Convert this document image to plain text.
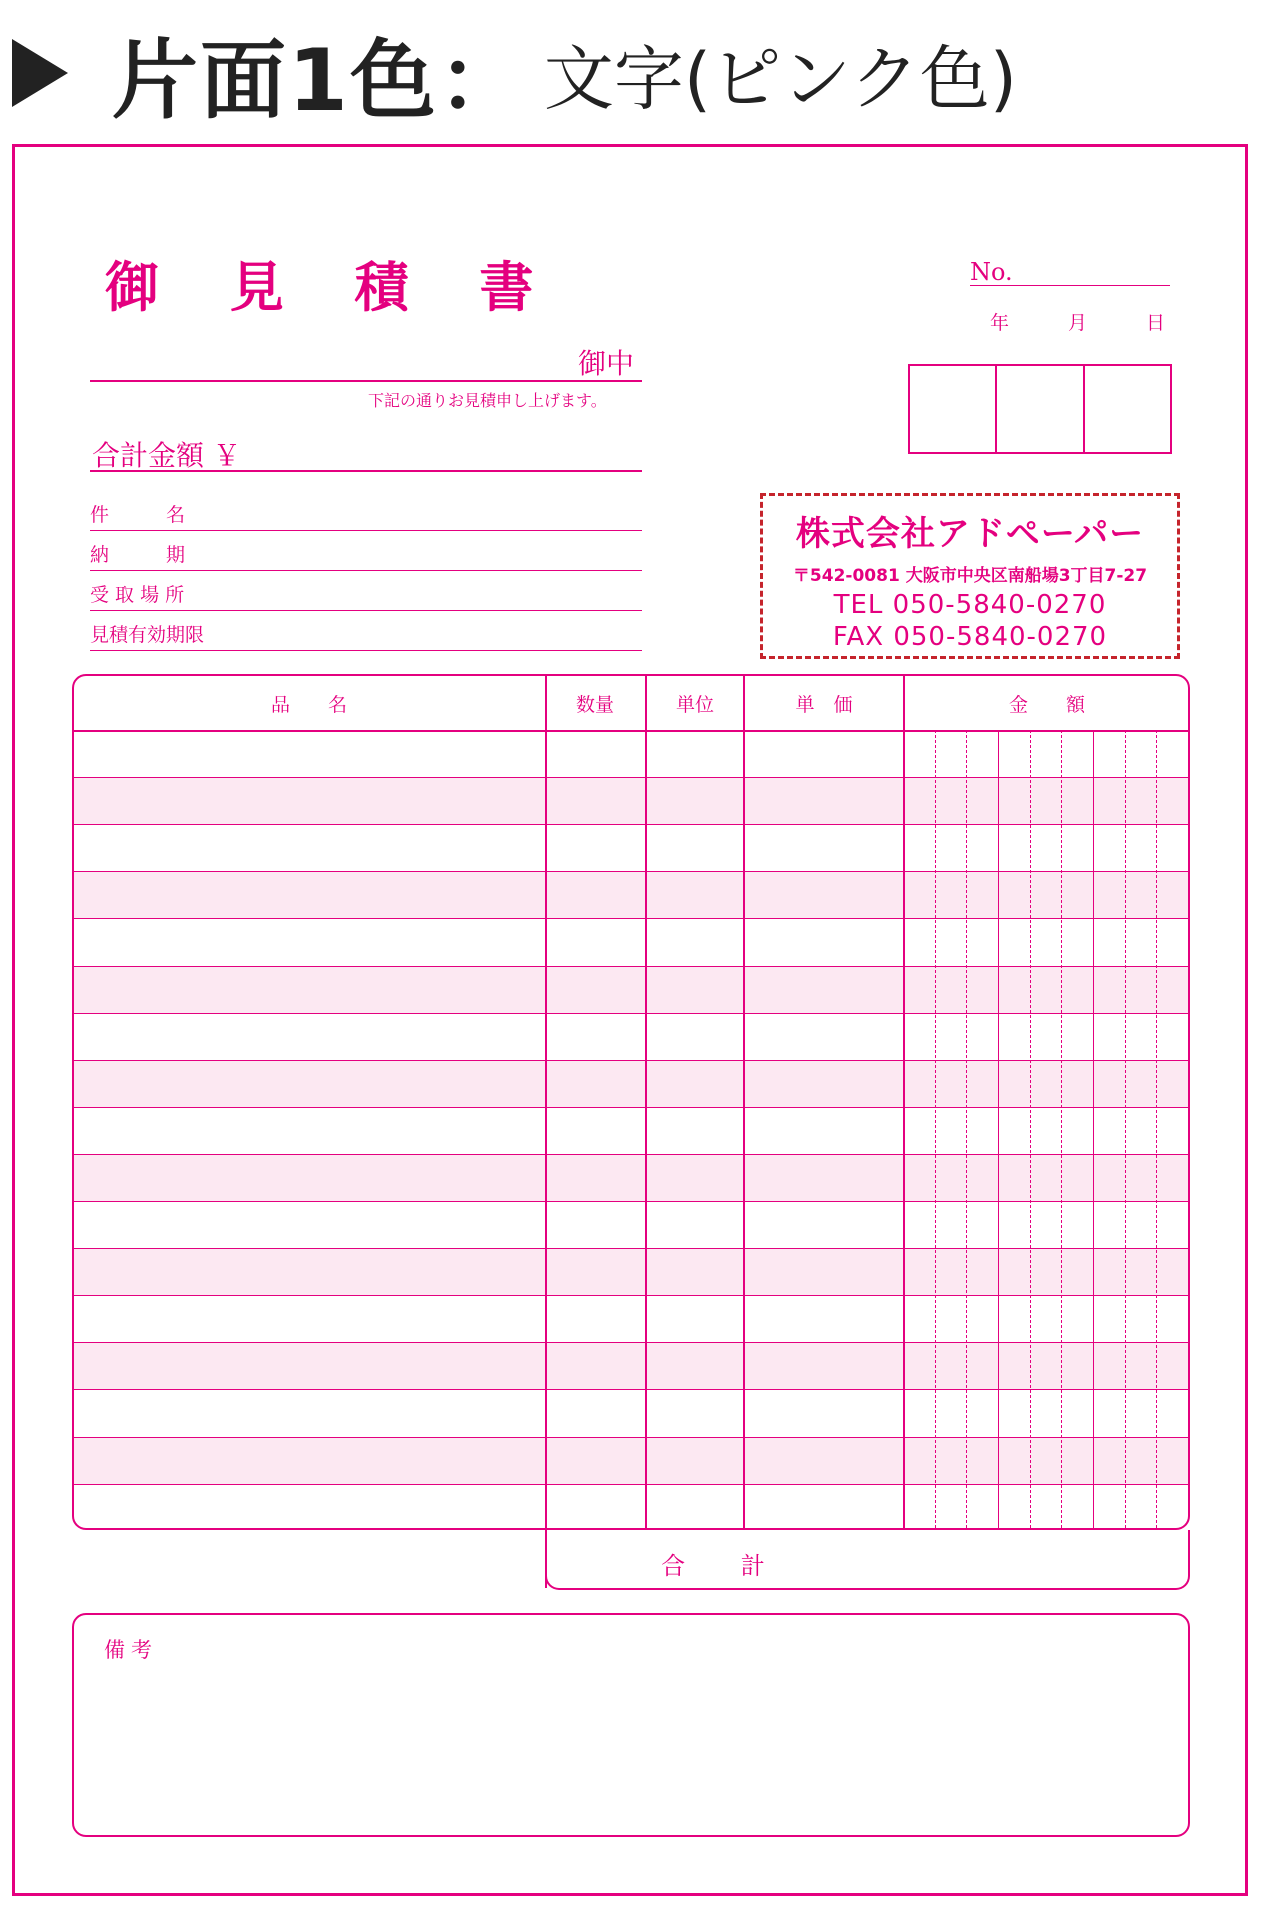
片面1色： 文字(ピンク色)
御 見 積 書	No.
年	月	日
御中
下記の通りお見積申し上げます。
合計金額 ￥
件　　　名
納　　　期
受 取 場 所
見積有効期限
株式会社アドペーパー
〒542-0081 大阪市中央区南船場3丁目7-27
TEL 050-5840-0270
FAX 050-5840-0270
品　　名	数量	単位	単　価	金　　額
合 計
備考
